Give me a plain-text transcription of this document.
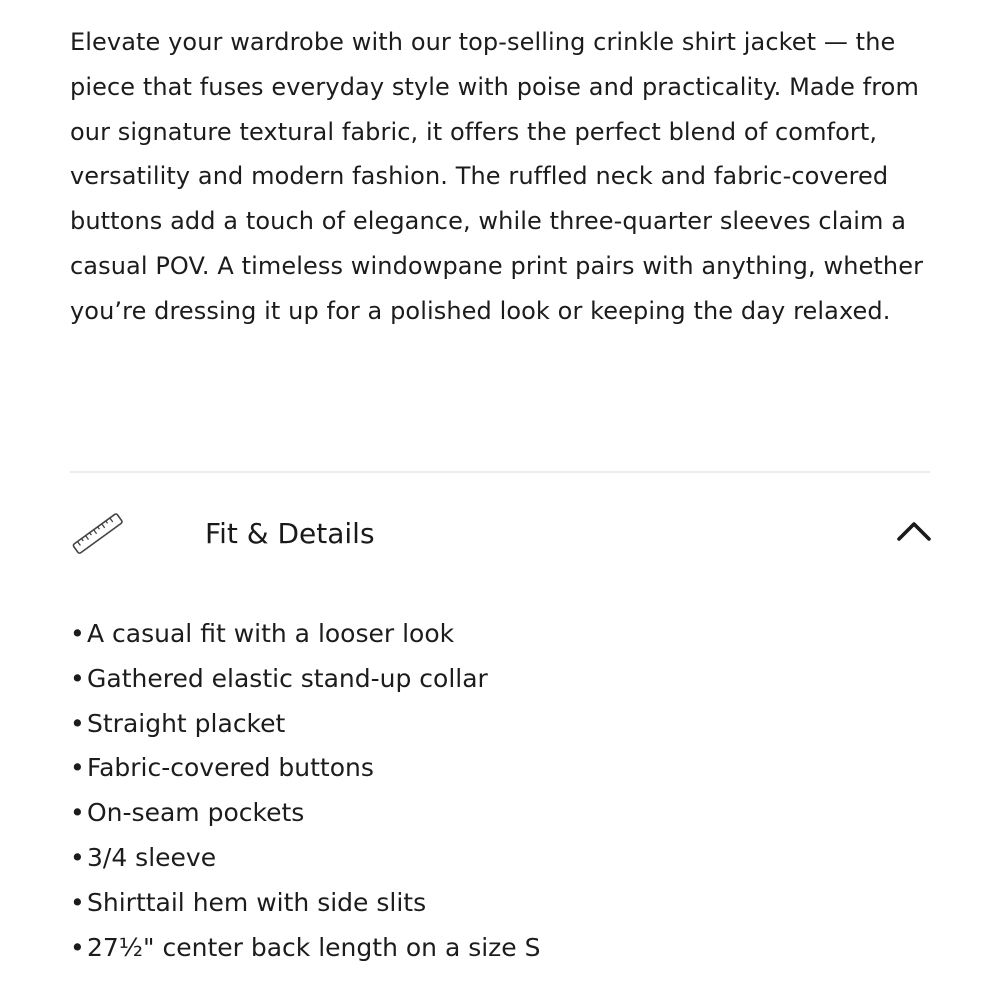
Elevate your wardrobe with our top-selling crinkle shirt jacket — the piece that fuses everyday style with poise and practicality. Made from our signature textural fabric, it offers the perfect blend of comfort, versatility and modern fashion. The ruffled neck and fabric-covered buttons add a touch of elegance, while three-quarter sleeves claim a casual POV. A timeless windowpane print pairs with anything, whether you’re dressing it up for a polished look or keeping the day relaxed.

Fit & Details
•A casual fit with a looser look
•Gathered elastic stand-up collar
•Straight placket
•Fabric-covered buttons
•On-seam pockets
•3/4 sleeve
•Shirttail hem with side slits
•27½" center back length on a size S
